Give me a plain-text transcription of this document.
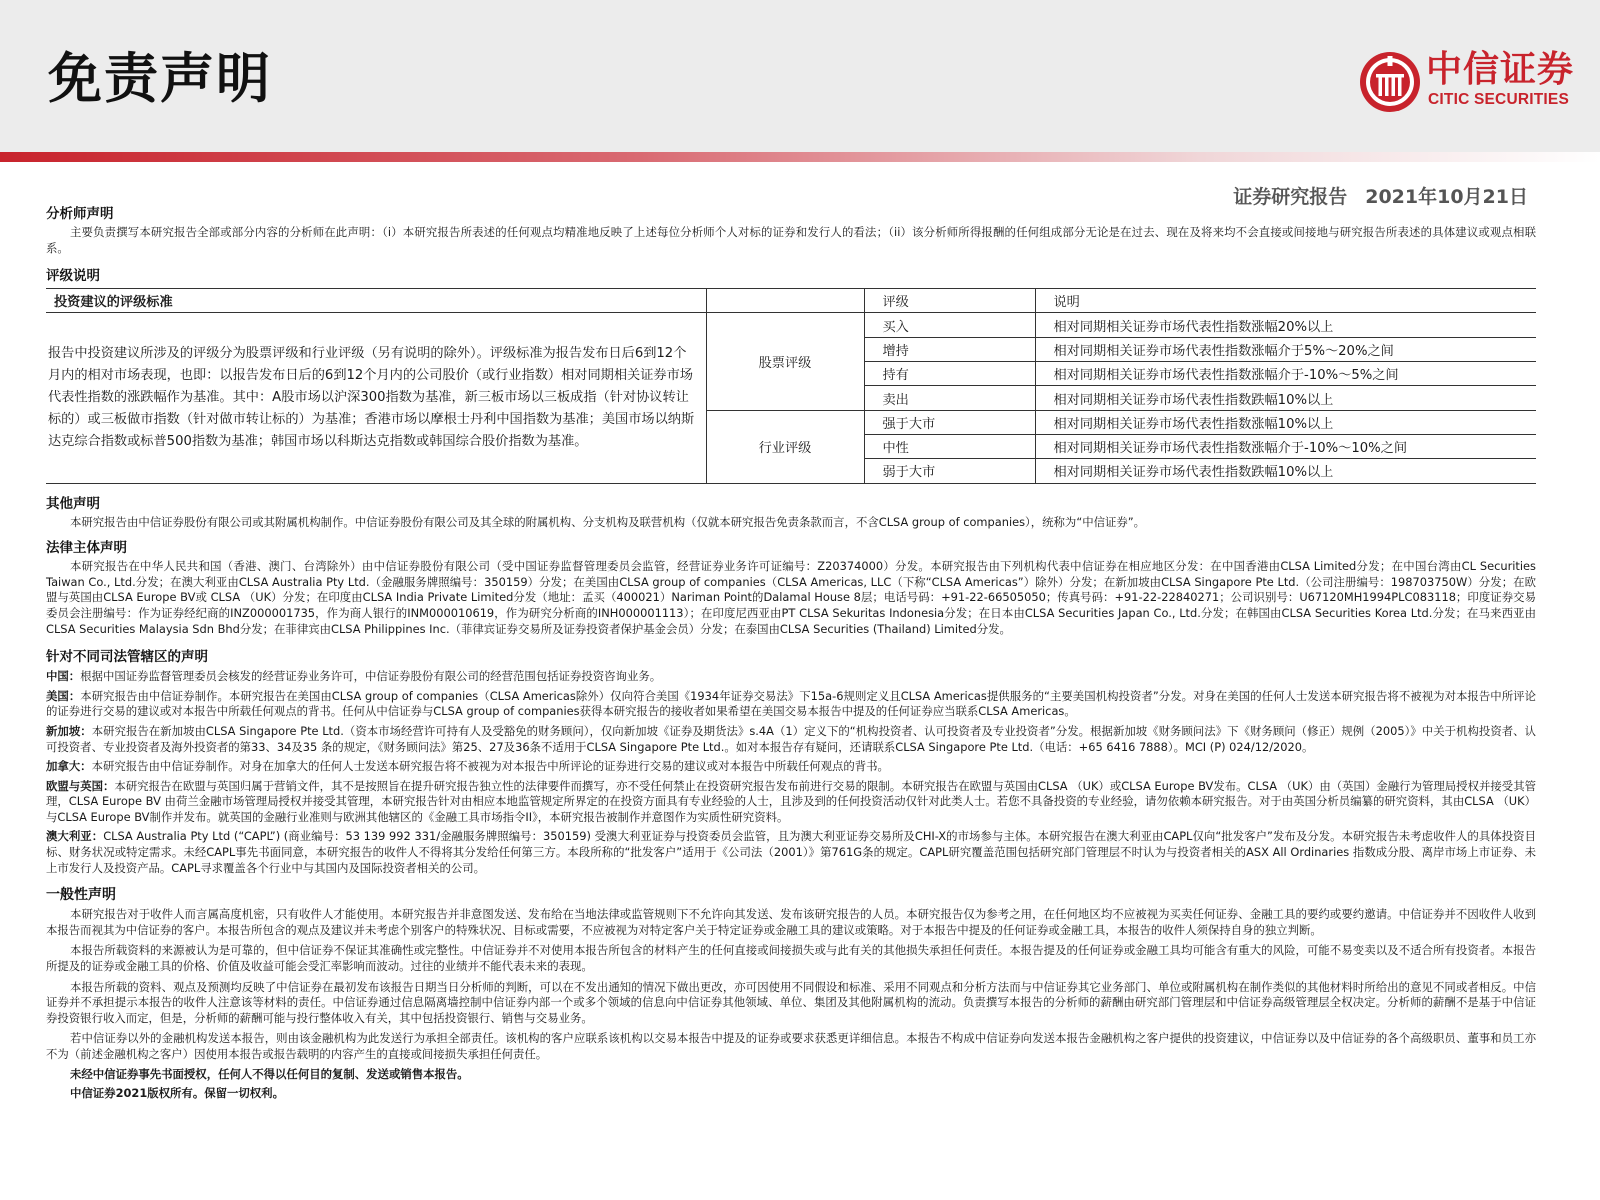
免责声明	中信证券
CITIC SECURITIES
证券研究报告 2021年10月21日
分析师声明
主要负责撰写本研究报告全部或部分内容的分析师在此声明：（i）本研究报告所表述的任何观点均精准地反映了上述每位分析师个人对标的证券和发行人的看法；（ii）该分析师所得报酬的任何组成部分无论是在过去、现在及将来均不会直接或间接地与研究报告所表述的具体建议或观点相联系。
评级说明
投资建议的评级标准		评级	说明
报告中投资建议所涉及的评级分为股票评级和行业评级（另有说明的除外）。评级标准为报告发布日后6到12个月内的相对市场表现，也即：以报告发布日后的6到12个月内的公司股价（或行业指数）相对同期相关证券市场代表性指数的涨跌幅作为基准。其中：A股市场以沪深300指数为基准，新三板市场以三板成指（针对协议转让标的）或三板做市指数（针对做市转让标的）为基准；香港市场以摩根士丹利中国指数为基准；美国市场以纳斯达克综合指数或标普500指数为基准；韩国市场以科斯达克指数或韩国综合股价指数为基准。	股票评级	买入	相对同期相关证券市场代表性指数涨幅20%以上
		增持	相对同期相关证券市场代表性指数涨幅介于5%～20%之间
		持有	相对同期相关证券市场代表性指数涨幅介于-10%～5%之间
		卖出	相对同期相关证券市场代表性指数跌幅10%以上
	行业评级	强于大市	相对同期相关证券市场代表性指数涨幅10%以上
		中性	相对同期相关证券市场代表性指数涨幅介于-10%～10%之间
		弱于大市	相对同期相关证券市场代表性指数跌幅10%以上
其他声明
本研究报告由中信证券股份有限公司或其附属机构制作。中信证券股份有限公司及其全球的附属机构、分支机构及联营机构（仅就本研究报告免责条款而言，不含CLSA group of companies），统称为“中信证券”。
法律主体声明
本研究报告在中华人民共和国（香港、澳门、台湾除外）由中信证券股份有限公司（受中国证券监督管理委员会监管，经营证券业务许可证编号：Z20374000）分发。本研究报告由下列机构代表中信证券在相应地区分发：在中国香港由CLSA Limited分发；在中国台湾由CL Securities Taiwan Co., Ltd.分发；在澳大利亚由CLSA Australia Pty Ltd.（金融服务牌照编号：350159）分发；在美国由CLSA group of companies（CLSA Americas, LLC（下称“CLSA Americas”）除外）分发；在新加坡由CLSA Singapore Pte Ltd.（公司注册编号：198703750W）分发；在欧盟与英国由CLSA Europe BV或 CLSA （UK）分发；在印度由CLSA India Private Limited分发（地址：孟买（400021）Nariman Point的Dalamal House 8层；电话号码：+91-22-66505050；传真号码：+91-22-22840271；公司识别号：U67120MH1994PLC083118；印度证券交易委员会注册编号：作为证券经纪商的INZ000001735，作为商人银行的INM000010619，作为研究分析商的INH000001113）；在印度尼西亚由PT CLSA Sekuritas Indonesia分发；在日本由CLSA Securities Japan Co., Ltd.分发；在韩国由CLSA Securities Korea Ltd.分发；在马来西亚由CLSA Securities Malaysia Sdn Bhd分发；在菲律宾由CLSA Philippines Inc.（菲律宾证券交易所及证券投资者保护基金会员）分发；在泰国由CLSA Securities (Thailand) Limited分发。
针对不同司法管辖区的声明
中国：根据中国证券监督管理委员会核发的经营证券业务许可，中信证券股份有限公司的经营范围包括证券投资咨询业务。
美国：本研究报告由中信证券制作。本研究报告在美国由CLSA group of companies（CLSA Americas除外）仅向符合美国《1934年证券交易法》下15a-6规则定义且CLSA Americas提供服务的“主要美国机构投资者”分发。对身在美国的任何人士发送本研究报告将不被视为对本报告中所评论的证券进行交易的建议或对本报告中所载任何观点的背书。任何从中信证券与CLSA group of companies获得本研究报告的接收者如果希望在美国交易本报告中提及的任何证券应当联系CLSA Americas。
新加坡：本研究报告在新加坡由CLSA Singapore Pte Ltd.（资本市场经营许可持有人及受豁免的财务顾问），仅向新加坡《证券及期货法》s.4A（1）定义下的“机构投资者、认可投资者及专业投资者”分发。根据新加坡《财务顾问法》下《财务顾问（修正）规例（2005）》中关于机构投资者、认可投资者、专业投资者及海外投资者的第33、34及35 条的规定，《财务顾问法》第25、27及36条不适用于CLSA Singapore Pte Ltd.。如对本报告存有疑问，还请联系CLSA Singapore Pte Ltd.（电话：+65 6416 7888）。MCI (P) 024/12/2020。
加拿大：本研究报告由中信证券制作。对身在加拿大的任何人士发送本研究报告将不被视为对本报告中所评论的证券进行交易的建议或对本报告中所载任何观点的背书。
欧盟与英国：本研究报告在欧盟与英国归属于营销文件，其不是按照旨在提升研究报告独立性的法律要件而撰写，亦不受任何禁止在投资研究报告发布前进行交易的限制。本研究报告在欧盟与英国由CLSA （UK）或CLSA Europe BV发布。CLSA （UK）由（英国）金融行为管理局授权并接受其管理，CLSA Europe BV 由荷兰金融市场管理局授权并接受其管理，本研究报告针对由相应本地监管规定所界定的在投资方面具有专业经验的人士，且涉及到的任何投资活动仅针对此类人士。若您不具备投资的专业经验，请勿依赖本研究报告。对于由英国分析员编纂的研究资料，其由CLSA （UK）与CLSA Europe BV制作并发布。就英国的金融行业准则与欧洲其他辖区的《金融工具市场指令II》，本研究报告被制作并意图作为实质性研究资料。
澳大利亚：CLSA Australia Pty Ltd (“CAPL”) (商业编号：53 139 992 331/金融服务牌照编号：350159) 受澳大利亚证券与投资委员会监管，且为澳大利亚证券交易所及CHI-X的市场参与主体。本研究报告在澳大利亚由CAPL仅向“批发客户”发布及分发。本研究报告未考虑收件人的具体投资目标、财务状况或特定需求。未经CAPL事先书面同意，本研究报告的收件人不得将其分发给任何第三方。本段所称的“批发客户”适用于《公司法（2001）》第761G条的规定。CAPL研究覆盖范围包括研究部门管理层不时认为与投资者相关的ASX All Ordinaries 指数成分股、离岸市场上市证券、未上市发行人及投资产品。CAPL寻求覆盖各个行业中与其国内及国际投资者相关的公司。
一般性声明
本研究报告对于收件人而言属高度机密，只有收件人才能使用。本研究报告并非意图发送、发布给在当地法律或监管规则下不允许向其发送、发布该研究报告的人员。本研究报告仅为参考之用，在任何地区均不应被视为买卖任何证券、金融工具的要约或要约邀请。中信证券并不因收件人收到本报告而视其为中信证券的客户。本报告所包含的观点及建议并未考虑个别客户的特殊状况、目标或需要，不应被视为对特定客户关于特定证券或金融工具的建议或策略。对于本报告中提及的任何证券或金融工具，本报告的收件人须保持自身的独立判断。
本报告所载资料的来源被认为是可靠的，但中信证券不保证其准确性或完整性。中信证券并不对使用本报告所包含的材料产生的任何直接或间接损失或与此有关的其他损失承担任何责任。本报告提及的任何证券或金融工具均可能含有重大的风险，可能不易变卖以及不适合所有投资者。本报告所提及的证券或金融工具的价格、价值及收益可能会受汇率影响而波动。过往的业绩并不能代表未来的表现。
本报告所载的资料、观点及预测均反映了中信证券在最初发布该报告日期当日分析师的判断，可以在不发出通知的情况下做出更改，亦可因使用不同假设和标准、采用不同观点和分析方法而与中信证券其它业务部门、单位或附属机构在制作类似的其他材料时所给出的意见不同或者相反。中信证券并不承担提示本报告的收件人注意该等材料的责任。中信证券通过信息隔离墙控制中信证券内部一个或多个领域的信息向中信证券其他领域、单位、集团及其他附属机构的流动。负责撰写本报告的分析师的薪酬由研究部门管理层和中信证券高级管理层全权决定。分析师的薪酬不是基于中信证券投资银行收入而定，但是，分析师的薪酬可能与投行整体收入有关，其中包括投资银行、销售与交易业务。
若中信证券以外的金融机构发送本报告，则由该金融机构为此发送行为承担全部责任。该机构的客户应联系该机构以交易本报告中提及的证券或要求获悉更详细信息。本报告不构成中信证券向发送本报告金融机构之客户提供的投资建议，中信证券以及中信证券的各个高级职员、董事和员工亦不为（前述金融机构之客户）因使用本报告或报告载明的内容产生的直接或间接损失承担任何责任。
未经中信证券事先书面授权，任何人不得以任何目的复制、发送或销售本报告。
中信证券2021版权所有。保留一切权利。
